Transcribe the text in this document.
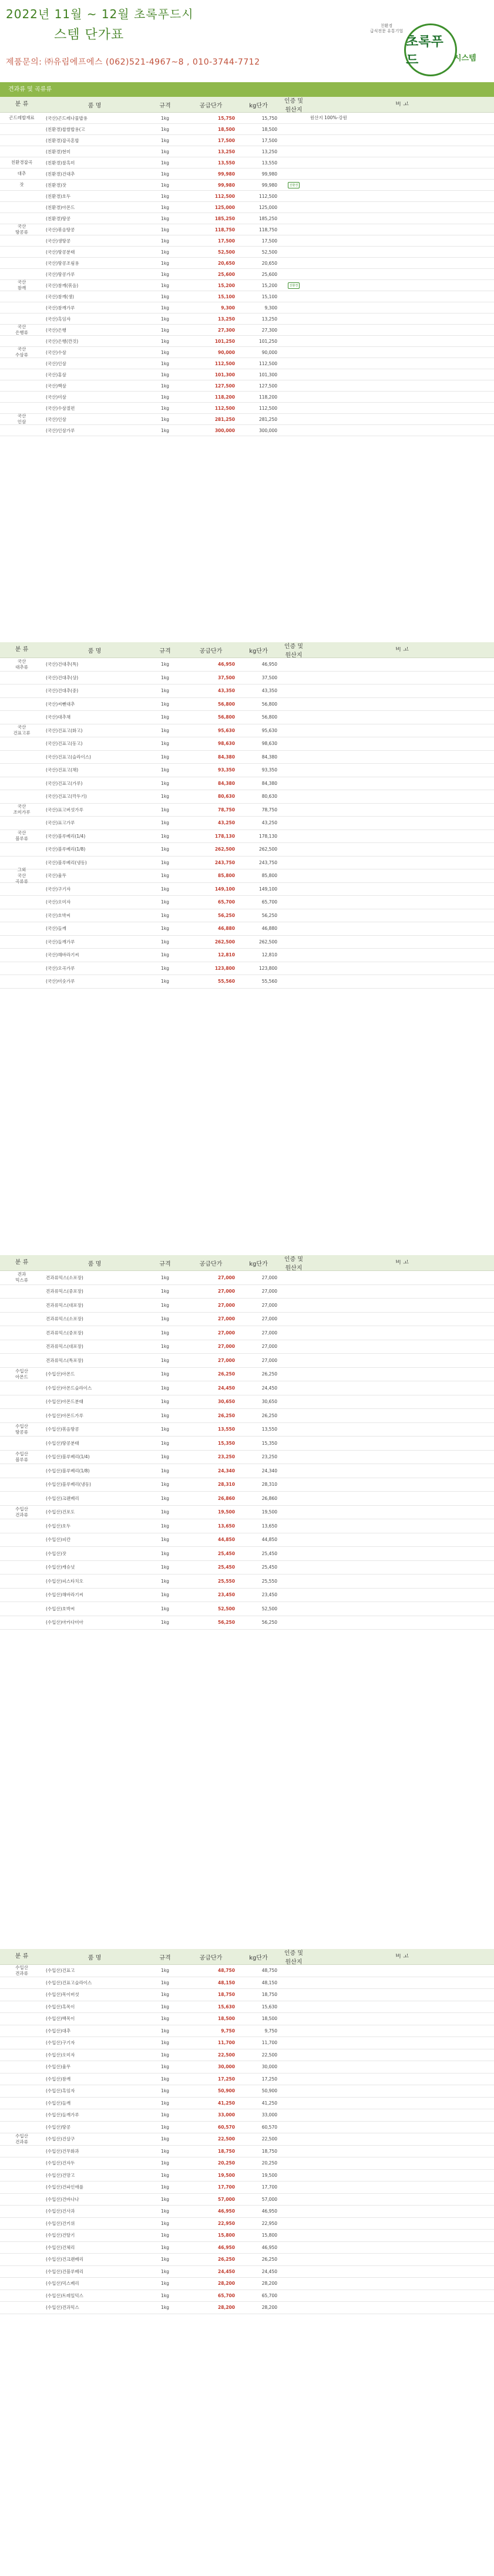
2022년 11월 ~ 12월 초록푸드시
스템 단가표
제품문의: ㈜유림에프에스 (062)521-4967~8 , 010-3744-7712
친환경
급식전문 유통기업
초록푸드	시스템
견과류 및 곡류류
분 류	품 명	규격	공급단가	kg단가
인증 및
원산지
비 고
곤드레밥재료	(국산)곤드레나물밥용	1kg	15,750	15,750	원산지 100%-강원
(친환경)찹쌀밥용(고	1kg	18,500	18,500
(친환경)잡곡혼합	1kg	17,500	17,500
(친환경)현미	1kg	13,250	13,250
친환경잡곡	(친환경)찰흑미	1kg	13,550	13,550
대추	(친환경)건대추	1kg	99,980	99,980
잣	(친환경)잣	1kg	99,980	99,980	친환경
(친환경)호두	1kg	112,500	112,500
(친환경)아몬드	1kg	125,000	125,000
(친환경)땅콩	1kg	185,250	185,250
국산
땅콩류	(국산)볶음땅콩	1kg	118,750	118,750
(국산)생땅콩	1kg	17,500	17,500
(국산)땅콩분태	1kg	52,500	52,500
(국산)땅콩조림용	1kg	20,650	20,650
(국산)땅콩가루	1kg	25,600	25,600
국산
참깨	(국산)참깨(볶음)	1kg	15,200	15,200	친환경
(국산)참깨(생)	1kg	15,100	15,100
(국산)참깨가루	1kg	9,300	9,300
(국산)흑임자	1kg	13,250	13,250
국산
은행류	(국산)은행	1kg	27,300	27,300
(국산)은행(깐것)	1kg	101,250	101,250
국산
수삼류	(국산)수삼	1kg	90,000	90,000
(국산)인삼	1kg	112,500	112,500
(국산)홍삼	1kg	101,300	101,300
(국산)백삼	1kg	127,500	127,500
(국산)미삼	1kg	118,200	118,200
(국산)수삼절편	1kg	112,500	112,500
국산
인삼	(국산)인삼	1kg	281,250	281,250
(국산)인삼가루	1kg	300,000	300,000
분 류	품 명	규격	공급단가	kg단가
인증 및
원산지
비 고
국산
대추류	(국산)건대추(특)	1kg	46,950	46,950
(국산)건대추(상)	1kg	37,500	37,500
(국산)건대추(중)	1kg	43,350	43,350
(국산)씨뺀대추	1kg	56,800	56,800
(국산)대추채	1kg	56,800	56,800
국산
건표고류	(국산)건표고(화고)	1kg	95,630	95,630
(국산)건표고(동고)	1kg	98,630	98,630
(국산)건표고(슬라이스)	1kg	84,380	84,380
(국산)건표고(채)	1kg	93,350	93,350
(국산)건표고(가루)	1kg	84,380	84,380
(국산)건표고(깍두기)	1kg	80,630	80,630
국산
조미가루	(국산)표고버섯가루	1kg	78,750	78,750
(국산)표고가루	1kg	43,250	43,250
국산
블루류	(국산)블루베리(1/4)	1kg	178,130	178,130
(국산)블루베리(1/8)	1kg	262,500	262,500
(국산)블루베리(냉동)	1kg	243,750	243,750
그외
국산
곡류류
(국산)율무	1kg	85,800	85,800
(국산)구기자	1kg	149,100	149,100
(국산)오미자	1kg	65,700	65,700
(국산)호박씨	1kg	56,250	56,250
(국산)들깨	1kg	46,880	46,880
(국산)들깨가루	1kg	262,500	262,500
(국산)해바라기씨	1kg	12,810	12,810
(국산)오곡가루	1kg	123,800	123,800
(국산)미숫가루	1kg	55,560	55,560
분 류	품 명	규격	공급단가	kg단가
인증 및
원산지
비 고
견과
믹스류	견과류믹스(소포장)	1kg	27,000	27,000
견과류믹스(중포장)	1kg	27,000	27,000
견과류믹스(대포장)	1kg	27,000	27,000
견과류믹스(소포장)	1kg	27,000	27,000
견과류믹스(중포장)	1kg	27,000	27,000
견과류믹스(대포장)	1kg	27,000	27,000
견과류믹스(특포장)	1kg	27,000	27,000
수입산
아몬드	(수입산)아몬드	1kg	26,250	26,250
(수입산)아몬드슬라이스	1kg	24,450	24,450
(수입산)아몬드분태	1kg	30,650	30,650
(수입산)아몬드가루	1kg	26,250	26,250
수입산
땅콩류	(수입산)볶음땅콩	1kg	13,550	13,550
(수입산)땅콩분태	1kg	15,350	15,350
수입산
블루류	(수입산)블루베리(1/4)	1kg	23,250	23,250
(수입산)블루베리(1/8)	1kg	24,340	24,340
(수입산)블루베리(냉동)	1kg	28,310	28,310
(수입산)크랜베리	1kg	26,860	26,860
수입산
건과류	(수입산)건포도	1kg	19,500	19,500
(수입산)호두	1kg	13,650	13,650
(수입산)피칸	1kg	44,850	44,850
(수입산)잣	1kg	25,450	25,450
(수입산)캐슈넛	1kg	25,450	25,450
(수입산)피스타치오	1kg	25,550	25,550
(수입산)해바라기씨	1kg	23,450	23,450
(수입산)호박씨	1kg	52,500	52,500
(수입산)마카다미아	1kg	56,250	56,250
분 류	품 명	규격	공급단가	kg단가
인증 및
원산지
비 고
수입산
견과류	(수입산)건표고	1kg	48,750	48,750
(수입산)건표고슬라이스	1kg	48,150	48,150
(수입산)목이버섯	1kg	18,750	18,750
(수입산)흑목이	1kg	15,630	15,630
(수입산)백목이	1kg	18,500	18,500
(수입산)대추	1kg	9,750	9,750
(수입산)구기자	1kg	11,700	11,700
(수입산)오미자	1kg	22,500	22,500
(수입산)율무	1kg	30,000	30,000
(수입산)참깨	1kg	17,250	17,250
(수입산)흑임자	1kg	50,900	50,900
(수입산)들깨	1kg	41,250	41,250
(수입산)들깨가루	1kg	33,000	33,000
(수입산)땅콩	1kg	60,570	60,570
수입산
건과류	(수입산)건살구	1kg	22,500	22,500
(수입산)건무화과	1kg	18,750	18,750
(수입산)건자두	1kg	20,250	20,250
(수입산)건망고	1kg	19,500	19,500
(수입산)건파인애플	1kg	17,700	17,700
(수입산)건바나나	1kg	57,000	57,000
(수입산)건사과	1kg	46,950	46,950
(수입산)건키위	1kg	22,950	22,950
(수입산)건딸기	1kg	15,800	15,800
(수입산)건체리	1kg	46,950	46,950
(수입산)건크랜베리	1kg	26,250	26,250
(수입산)건블루베리	1kg	24,450	24,450
(수입산)믹스베리	1kg	28,200	28,200
(수입산)트레일믹스	1kg	65,700	65,700
(수입산)견과믹스	1kg	28,200	28,200
